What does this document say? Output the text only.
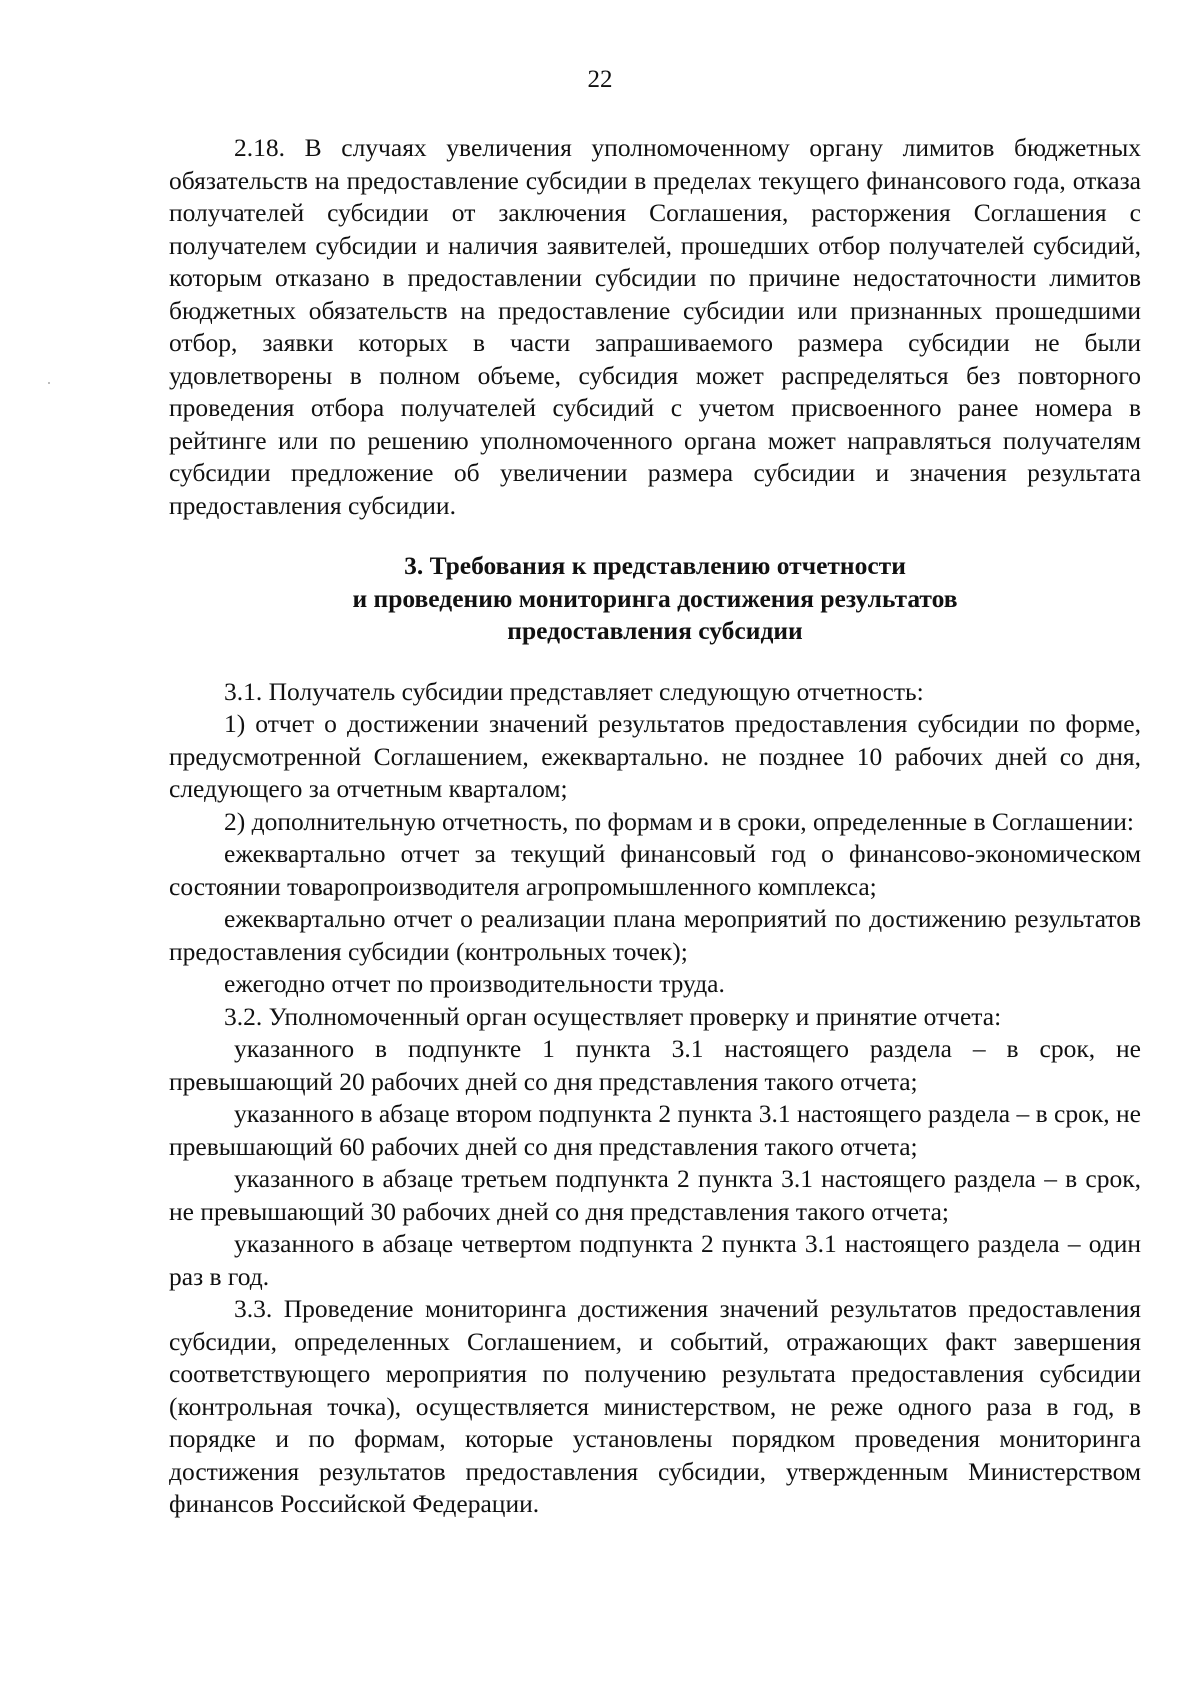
22

2.18. В случаях увеличения уполномоченному органу лимитов бюджетных обязательств на предоставление субсидии в пределах текущего финансового года, отказа получателей субсидии от заключения Соглашения, расторжения Соглашения с получателем субсидии и наличия заявителей, прошедших отбор получателей субсидий, которым отказано в предоставлении субсидии по причине недостаточности лимитов бюджетных обязательств на предоставление субсидии или признанных прошедшими отбор, заявки которых в части запрашиваемого размера субсидии не были удовлетворены в полном объеме, субсидия может распределяться без повторного проведения отбора получателей субсидий с учетом присвоенного ранее номера в рейтинге или по решению уполномоченного органа может направляться получателям субсидии предложение об увеличении размера субсидии и значения результата предоставления субсидии.

3. Требования к представлению отчетности
и проведению мониторинга достижения результатов
предоставления субсидии

3.1. Получатель субсидии представляет следующую отчетность:

1) отчет о достижении значений результатов предоставления субсидии по форме, предусмотренной Соглашением, ежеквартально. не позднее 10 рабочих дней со дня, следующего за отчетным кварталом;

2) дополнительную отчетность, по формам и в сроки, определенные в Соглашении:

ежеквартально отчет за текущий финансовый год о финансово-экономическом состоянии товаропроизводителя агропромышленного комплекса;

ежеквартально отчет о реализации плана мероприятий по достижению результатов предоставления субсидии (контрольных точек);

ежегодно отчет по производительности труда.

3.2. Уполномоченный орган осуществляет проверку и принятие отчета:

указанного в подпункте 1 пункта 3.1 настоящего раздела – в срок, не превышающий 20 рабочих дней со дня представления такого отчета;

указанного в абзаце втором подпункта 2 пункта 3.1 настоящего раздела – в срок, не превышающий 60 рабочих дней со дня представления такого отчета;

указанного в абзаце третьем подпункта 2 пункта 3.1 настоящего раздела – в срок, не превышающий 30 рабочих дней со дня представления такого отчета;

указанного в абзаце четвертом подпункта 2 пункта 3.1 настоящего раздела – один раз в год.

3.3. Проведение мониторинга достижения значений результатов предоставления субсидии, определенных Соглашением, и событий, отражающих факт завершения соответствующего мероприятия по получению результата предоставления субсидии (контрольная точка), осуществляется министерством, не реже одного раза в год, в порядке и по формам, которые установлены порядком проведения мониторинга достижения результатов предоставления субсидии, утвержденным Министерством финансов Российской Федерации.
